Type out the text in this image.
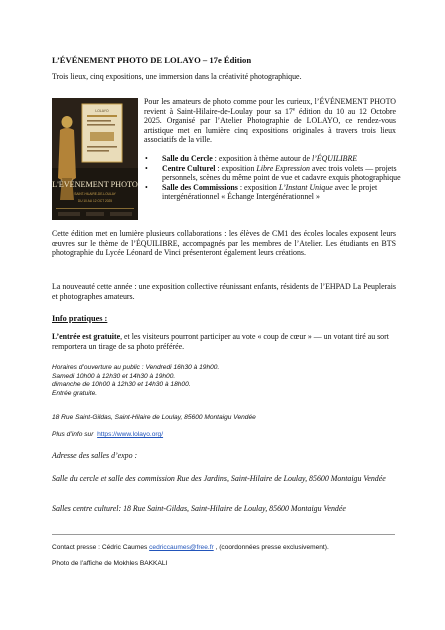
L’ÉVÉNEMENT PHOTO DE LOLAYO – 17e Édition
Trois lieux, cinq expositions, une immersion dans la créativité photographique.
LOLAYO
L'ÉVÉNEMENT PHOTO
SAINT-HILAIRE-DE-LOULAY
DU 10 AU 12 OCT 2025
Pour les amateurs de photo comme pour les curieux, l’ÉVÉNEMENT PHOTO revient à Saint-Hilaire-de-Loulay pour sa 17e édition du 10 au 12 Octobre 2025. Organisé par l’Atelier Photographie de LOLAYO, ce rendez-vous artistique met en lumière cinq expositions originales à travers trois lieux associatifs de la ville.
• Salle du Cercle : exposition à thème autour de l’ÉQUILIBRE
• Centre Culturel : exposition Libre Expression avec trois volets — projets personnels, scènes du même point de vue et cadavre exquis photographique
• Salle des Commissions : exposition L’Instant Unique avec le projet intergénérationnel « Échange Intergénérationnel »
Cette édition met en lumière plusieurs collaborations : les élèves de CM1 des écoles locales exposent leurs œuvres sur le thème de l’ÉQUILIBRE, accompagnés par les membres de l’Atelier. Les étudiants en BTS photographie du Lycée Léonard de Vinci présenteront également leurs créations.
La nouveauté cette année : une exposition collective réunissant enfants, résidents de l’EHPAD La Peuplerais et photographes amateurs.
Info pratiques :
L’entrée est gratuite, et les visiteurs pourront participer au vote « coup de cœur » — un votant tiré au sort remportera un tirage de sa photo préférée.
Horaires d’ouverture au public : Vendredi 16h30 à 19h00.
Samedi 10h00 à 12h30 et 14h30 à 19h00.
dimanche de 10h00 à 12h30 et 14h30 à 18h00.
Entrée gratuite.
18 Rue Saint-Gildas, Saint-Hilaire de Loulay, 85600 Montaigu Vendée
Plus d’info sur https://www.lolayo.org/
Adresse des salles d’expo :
Salle du cercle et salle des commission Rue des Jardins, Saint-Hilaire de Loulay, 85600 Montaigu Vendée
Salles centre culturel: 18 Rue Saint-Gildas, Saint-Hilaire de Loulay, 85600 Montaigu Vendée
Contact presse : Cédric Caumes cedriccaumes@free.fr , (coordonnées presse exclusivement).
Photo de l’affiche de Mokhles BAKKALI
